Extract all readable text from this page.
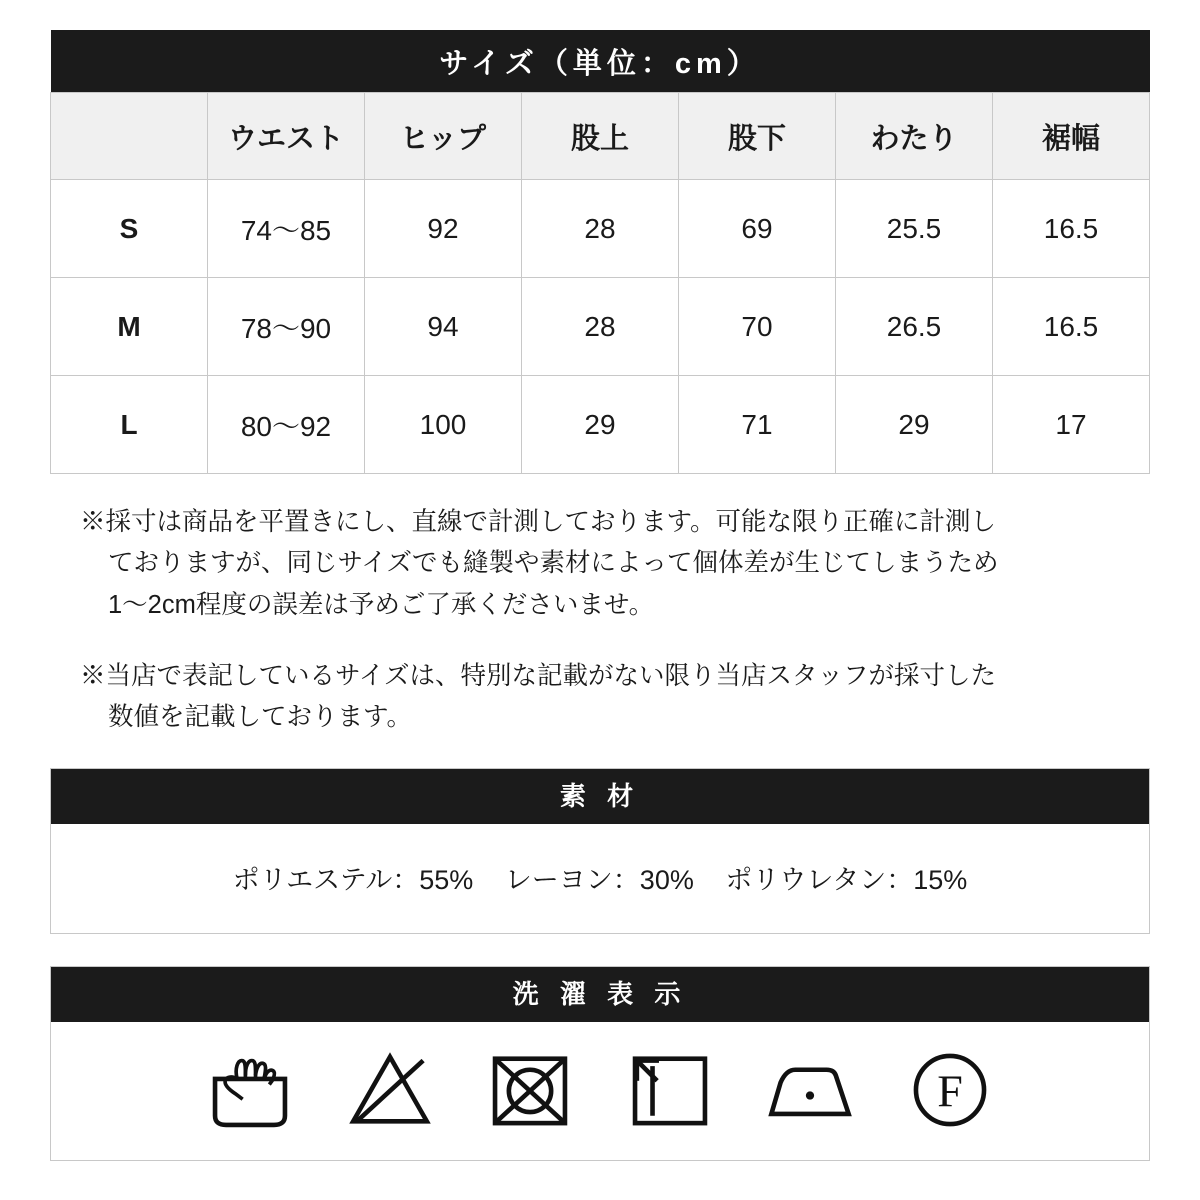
サイズ（単位：cm）						
	ウエスト	ヒップ	股上	股下	わたり	裾幅
S	74〜85	92	28	69	25.5	16.5
M	78〜90	94	28	70	26.5	16.5
L	80〜92	100	29	71	29	17
※採寸は商品を平置きにし、直線で計測しております。可能な限り正確に計測し
ておりますが、同じサイズでも縫製や素材によって個体差が生じてしまうため
1〜2cm程度の誤差は予めご了承くださいませ。
※当店で表記しているサイズは、特別な記載がない限り当店スタッフが採寸した
数値を記載しております。
素 材
ポリエステル：55% レーヨン：30% ポリウレタン：15%
洗 濯 表 示
F
